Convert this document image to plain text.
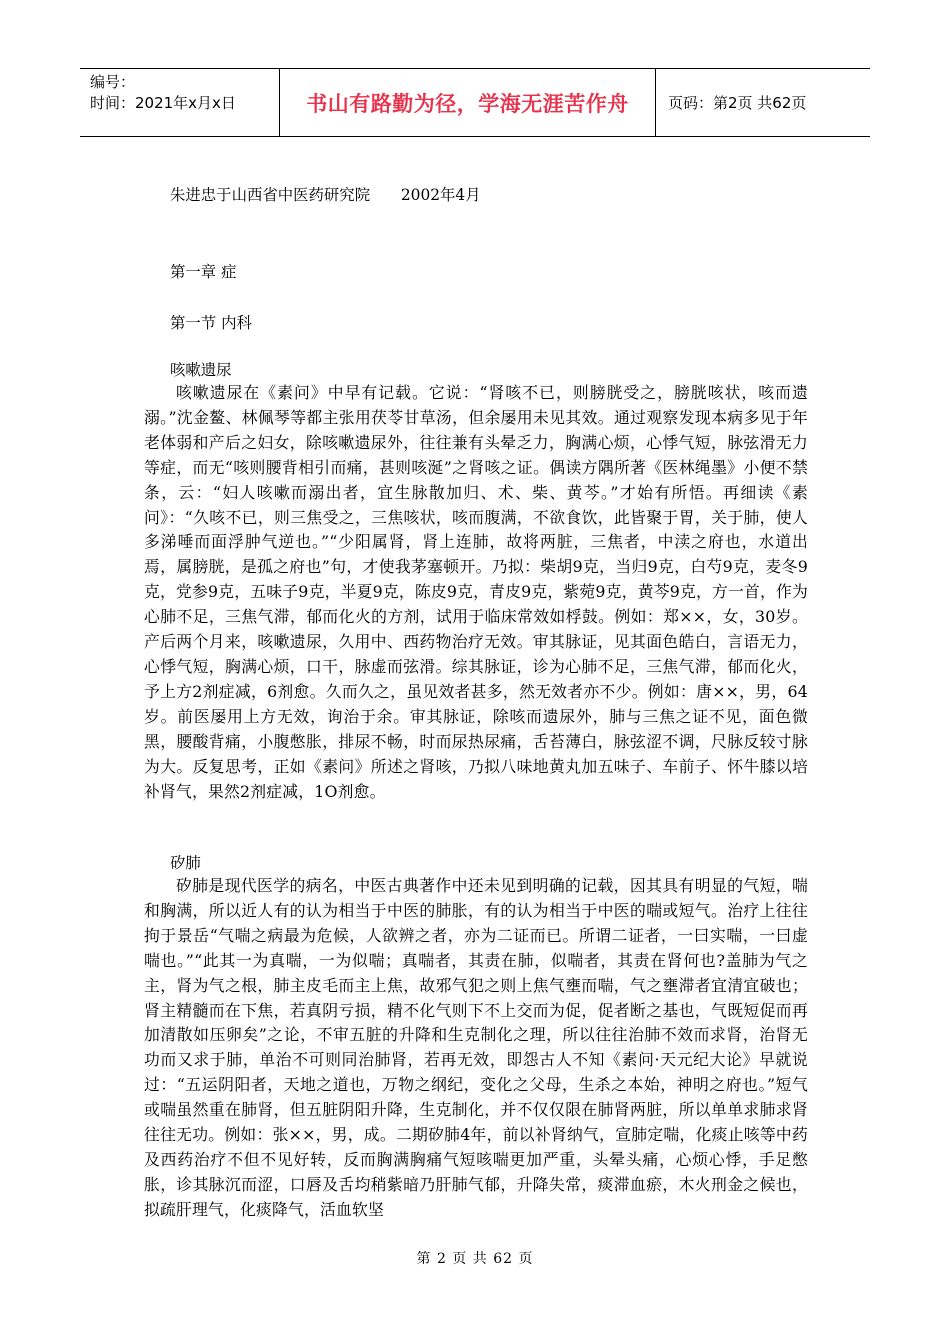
编号：
时间：2021年x月x日	书山有路勤为径，学海无涯苦作舟	页码：第2页 共62页
朱进忠于山西省中医药研究院　　2002年4月
第一章 症
第一节 内科
咳嗽遗尿
咳嗽遗尿在《素问》中早有记载。它说：“肾咳不已，则膀胱受之，膀胱咳状，咳而遗溺。”沈金鳌、林佩琴等都主张用茯苓甘草汤，但余屡用未见其效。通过观察发现本病多见于年老体弱和产后之妇女，除咳嗽遗尿外，往往兼有头晕乏力，胸满心烦，心悸气短，脉弦滑无力等症，而无“咳则腰背相引而痛，甚则咳涎”之肾咳之证。偶读方隅所著《医林绳墨》小便不禁条，云：“妇人咳嗽而溺出者，宜生脉散加归、术、柴、黄芩。”才始有所悟。再细读《素问》：“久咳不已，则三焦受之，三焦咳状，咳而腹满，不欲食饮，此皆聚于胃，关于肺，使人多涕唾而面浮肿气逆也。”“少阳属肾，肾上连肺，故将两脏，三焦者，中渎之府也，水道出焉，属膀胱，是孤之府也”句，才使我茅塞顿开。乃拟：柴胡9克，当归9克，白芍9克，麦冬9克，党参9克，五味子9克，半夏9克，陈皮9克，青皮9克，紫菀9克，黄芩9克，方一首，作为心肺不足，三焦气滞，郁而化火的方剂，试用于临床常效如桴鼓。例如：郑××，女，30岁。产后两个月来，咳嗽遗尿，久用中、西药物治疗无效。审其脉证，见其面色皓白，言语无力，心悸气短，胸满心烦，口干，脉虚而弦滑。综其脉证，诊为心肺不足，三焦气滞，郁而化火，予上方2剂症减，6剂愈。久而久之，虽见效者甚多，然无效者亦不少。例如：唐××，男，64岁。前医屡用上方无效，询治于余。审其脉证，除咳而遗尿外，肺与三焦之证不见，面色微黑，腰酸背痛，小腹憋胀，排尿不畅，时而尿热尿痛，舌苔薄白，脉弦涩不调，尺脉反较寸脉为大。反复思考，正如《素问》所述之肾咳，乃拟八味地黄丸加五味子、车前子、怀牛膝以培补肾气，果然2剂症减，1O剂愈。
矽肺
矽肺是现代医学的病名，中医古典著作中还未见到明确的记载，因其具有明显的气短，喘和胸满，所以近人有的认为相当于中医的肺胀，有的认为相当于中医的喘或短气。治疗上往往拘于景岳“气喘之病最为危候，人欲辨之者，亦为二证而已。所谓二证者，一曰实喘，一曰虚喘也。”“此其一为真喘，一为似喘；真喘者，其责在肺，似喘者，其责在肾何也?盖肺为气之主，肾为气之根，肺主皮毛而主上焦，故邪气犯之则上焦气壅而喘，气之壅滞者宜清宜破也；肾主精髓而在下焦，若真阴亏损，精不化气则下不上交而为促，促者断之基也，气既短促而再加清散如压卵矣”之论，不审五脏的升降和生克制化之理，所以往往治肺不效而求肾，治肾无功而又求于肺，单治不可则同治肺肾，若再无效，即怨古人不知《素问·天元纪大论》早就说过：“五运阴阳者，天地之道也，万物之纲纪，变化之父母，生杀之本始，神明之府也。”短气或喘虽然重在肺肾，但五脏阴阳升降，生克制化，并不仅仅限在肺肾两脏，所以单单求肺求肾往往无功。例如：张××，男，成。二期矽肺4年，前以补肾纳气，宣肺定喘，化痰止咳等中药及西药治疗不但不见好转，反而胸满胸痛气短咳喘更加严重，头晕头痛，心烦心悸，手足憋胀，诊其脉沉而涩，口唇及舌均稍紫暗乃肝肺气郁，升降失常，痰滞血瘀，木火刑金之候也，拟疏肝理气，化痰降气，活血软坚
第 2 页 共 62 页
